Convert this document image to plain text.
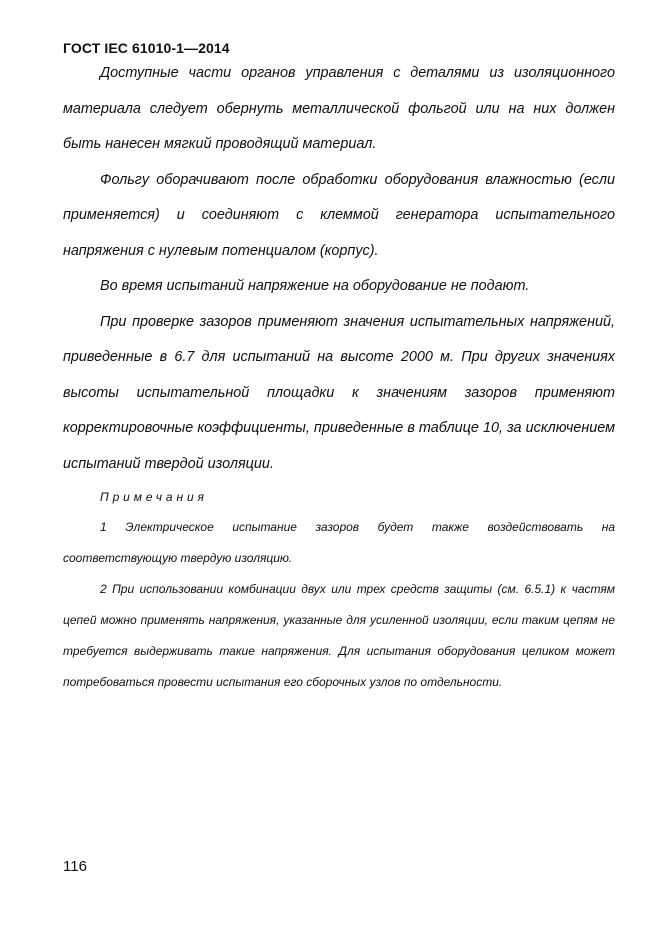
ГОСТ IEC 61010-1—2014

Доступные части органов управления с деталями из изоляционного материала следует обернуть металлической фольгой или на них должен быть нанесен мягкий проводящий материал.

Фольгу оборачивают после обработки оборудования влажностью (если применяется) и соединяют с клеммой генератора испытательного напряжения с нулевым потенциалом (корпус).

Во время испытаний напряжение на оборудование не подают.

При проверке зазоров применяют значения испытательных напряжений, приведенные в 6.7 для испытаний на высоте 2000 м. При других значениях высоты испытательной площадки к значениям зазоров применяют корректировочные коэффициенты, приведенные в таблице 10, за исключением испытаний твердой изоляции.

Примечания

1 Электрическое испытание зазоров будет также воздействовать на соответствующую твердую изоляцию.

2 При использовании комбинации двух или трех средств защиты (см. 6.5.1) к частям цепей можно применять напряжения, указанные для усиленной изоляции, если таким цепям не требуется выдерживать такие напряжения. Для испытания оборудования целиком может потребоваться провести испытания его сборочных узлов по отдельности.

116
